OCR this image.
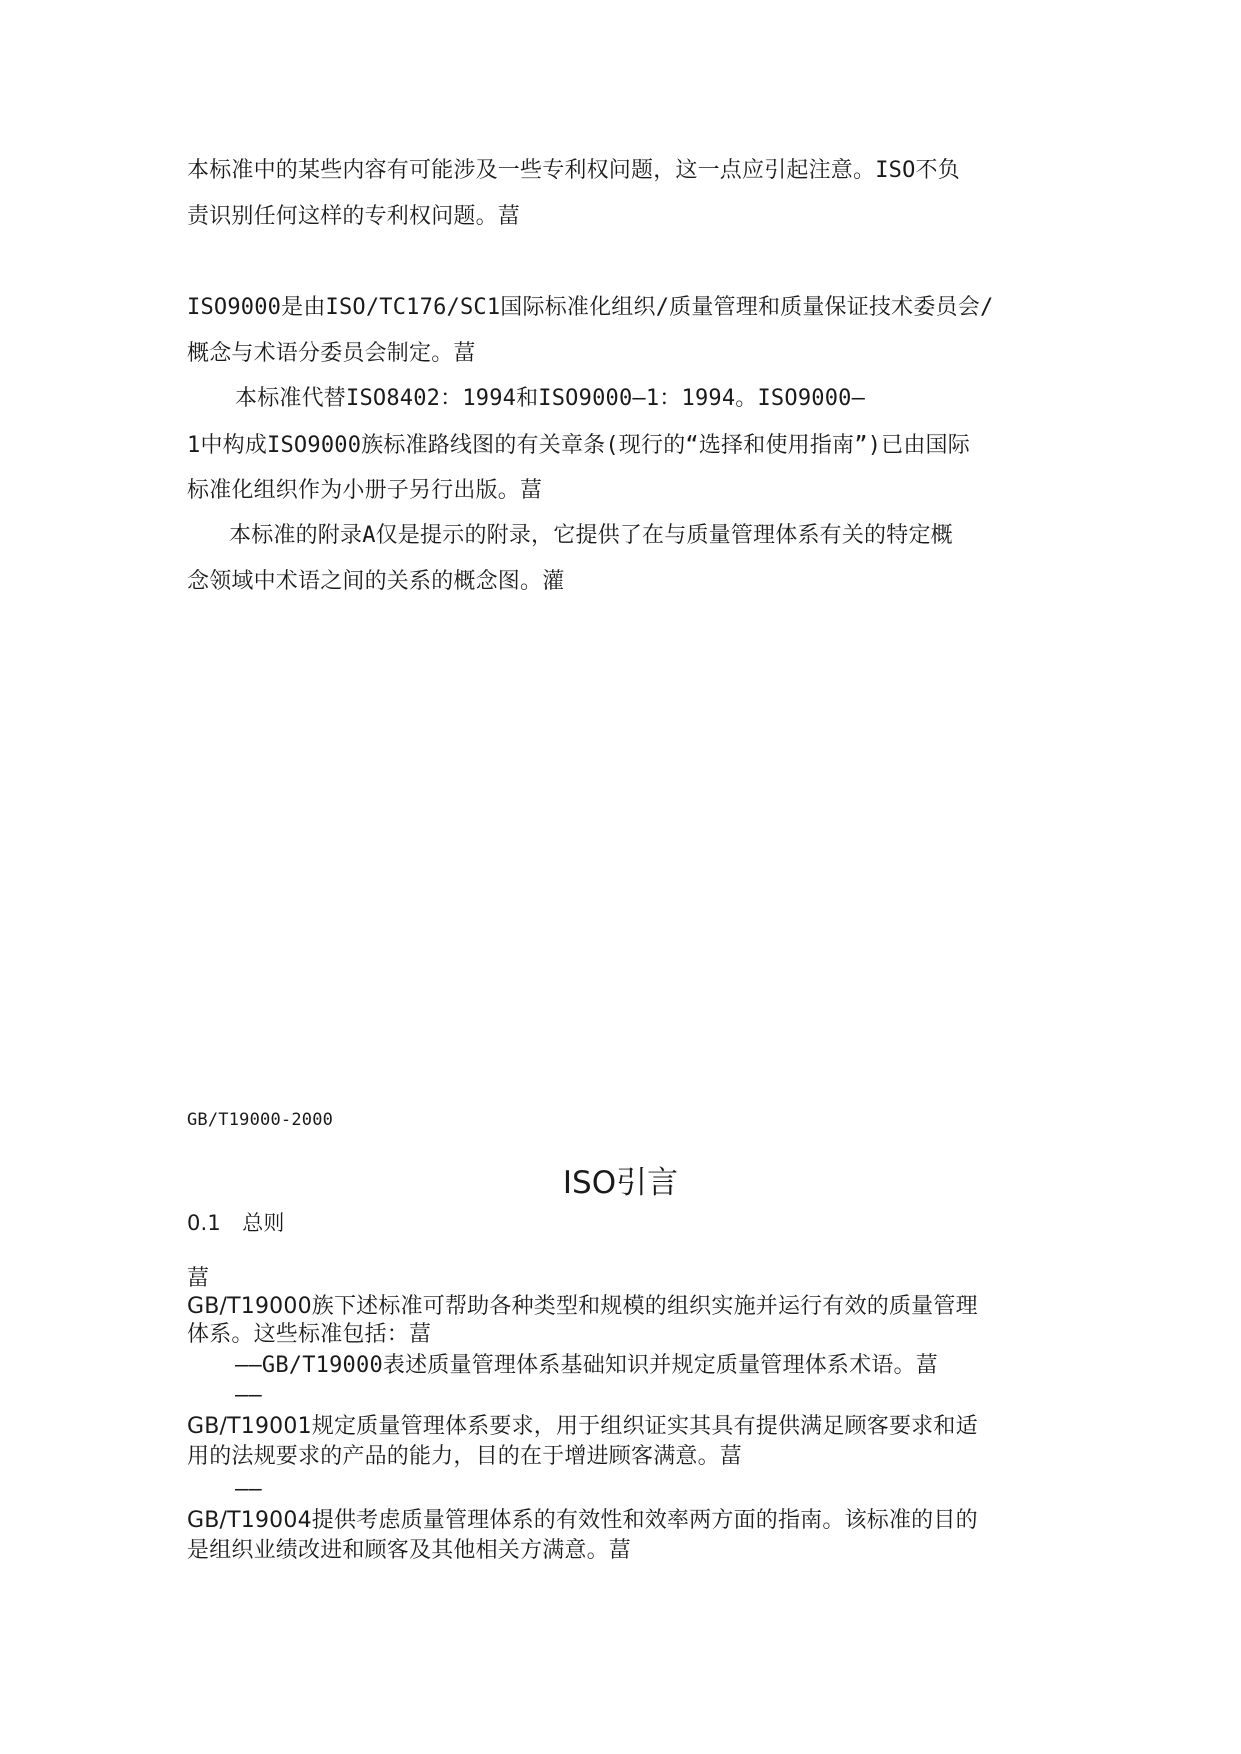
本标准中的某些内容有可能涉及一些专利权问题，这一点应引起注意。ISO不负
责识别任何这样的专利权问题。葍
ISO9000是由ISO/TC176/SC1国际标准化组织/质量管理和质量保证技术委员会/
概念与术语分委员会制定。葍
本标准代替ISO8402：1994和ISO9000—1：1994。ISO9000—
1中构成ISO9000族标准路线图的有关章条(现行的“选择和使用指南”)已由国际
标准化组织作为小册子另行出版。葍
本标准的附录A仅是提示的附录，它提供了在与质量管理体系有关的特定概
念领域中术语之间的关系的概念图。灌
GB/T19000-2000
ISO引言
0.1　总则
葍
GB/T19000族下述标准可帮助各种类型和规模的组织实施并运行有效的质量管理
体系。这些标准包括：葍
——GB/T19000表述质量管理体系基础知识并规定质量管理体系术语。葍
——
GB/T19001规定质量管理体系要求，用于组织证实其具有提供满足顾客要求和适
用的法规要求的产品的能力，目的在于增进顾客满意。葍
——
GB/T19004提供考虑质量管理体系的有效性和效率两方面的指南。该标准的目的
是组织业绩改进和顾客及其他相关方满意。葍
